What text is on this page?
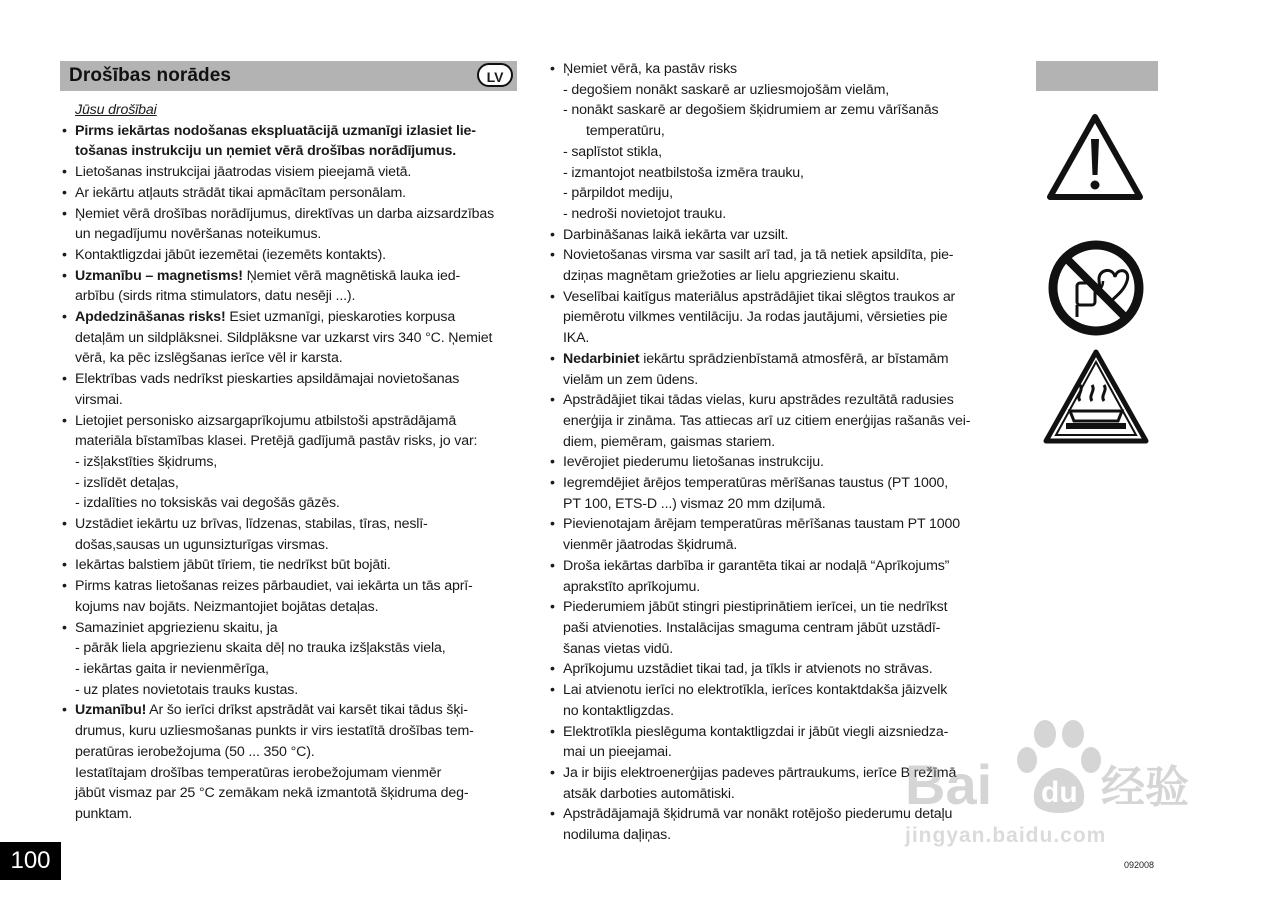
Drošības norādes	LV

Jūsu drošībai

• Pirms iekārtas nodošanas ekspluatācijā uzmanīgi izlasiet lie-
tošanas instrukciju un ņemiet vērā drošības norādījumus.
• Lietošanas instrukcijai jāatrodas visiem pieejamā vietā.
• Ar iekārtu atļauts strādāt tikai apmācītam personālam.
• Ņemiet vērā drošības norādījumus, direktīvas un darba aizsardzības
un negadījumu novēršanas noteikumus.
• Kontaktligzdai jābūt iezemētai (iezemēts kontakts).
• Uzmanību – magnetisms! Ņemiet vērā magnētiskā lauka ied-
arbību (sirds ritma stimulators, datu nesēji ...).
• Apdedzināšanas risks! Esiet uzmanīgi, pieskaroties korpusa
detaļām un sildplāksnei. Sildplāksne var uzkarst virs 340 °C. Ņemiet
vērā, ka pēc izslēgšanas ierīce vēl ir karsta.
• Elektrības vads nedrīkst pieskarties apsildāmajai novietošanas
virsmai.
• Lietojiet personisko aizsargaprīkojumu atbilstoši apstrādājamā
materiāla bīstamības klasei. Pretējā gadījumā pastāv risks, jo var:
- izšļakstīties šķidrums,
- izslīdēt detaļas,
- izdalīties no toksiskās vai degošās gāzēs.
• Uzstādiet iekārtu uz brīvas, līdzenas, stabilas, tīras, neslī-
došas,sausas un ugunsizturīgas virsmas.
• Iekārtas balstiem jābūt tīriem, tie nedrīkst būt bojāti.
• Pirms katras lietošanas reizes pārbaudiet, vai iekārta un tās aprī-
kojums nav bojāts. Neizmantojiet bojātas detaļas.
• Samaziniet apgriezienu skaitu, ja
- pārāk liela apgriezienu skaita dēļ no trauka izšļakstās viela,
- iekārtas gaita ir nevienmērīga,
- uz plates novietotais trauks kustas.
• Uzmanību! Ar šo ierīci drīkst apstrādāt vai karsēt tikai tādus šķi-
drumus, kuru uzliesmošanas punkts ir virs iestatītā drošības tem-
peratūras ierobežojuma (50 ... 350 °C).
Iestatītajam drošības temperatūras ierobežojumam vienmēr
jābūt vismaz par 25 °C zemākam nekā izmantotā šķidruma deg-
punktam.
• Ņemiet vērā, ka pastāv risks
- degošiem nonākt saskarē ar uzliesmojošām vielām,
- nonākt saskarē ar degošiem šķidrumiem ar zemu vārīšanās
temperatūru,
- saplīstot stikla,
- izmantojot neatbilstoša izmēra trauku,
- pārpildot mediju,
- nedroši novietojot trauku.
• Darbināšanas laikā iekārta var uzsilt.
• Novietošanas virsma var sasilt arī tad, ja tā netiek apsildīta, pie-
dziņas magnētam griežoties ar lielu apgriezienu skaitu.
• Veselībai kaitīgus materiālus apstrādājiet tikai slēgtos traukos ar
piemērotu vilkmes ventilāciju. Ja rodas jautājumi, vērsieties pie
IKA.
• Nedarbiniet iekārtu sprādzienbīstamā atmosfērā, ar bīstamām
vielām un zem ūdens.
• Apstrādājiet tikai tādas vielas, kuru apstrādes rezultātā radusies
enerģija ir zināma. Tas attiecas arī uz citiem enerģijas rašanās vei-
diem, piemēram, gaismas stariem.
• Ievērojiet piederumu lietošanas instrukciju.
• Iegremdējiet ārējos temperatūras mērīšanas taustus (PT 1000,
PT 100, ETS-D ...) vismaz 20 mm dziļumā.
• Pievienotajam ārējam temperatūras mērīšanas taustam PT 1000
vienmēr jāatrodas šķidrumā.
• Droša iekārtas darbība ir garantēta tikai ar nodaļā “Aprīkojums”
aprakstīto aprīkojumu.
• Piederumiem jābūt stingri piestiprinātiem ierīcei, un tie nedrīkst
paši atvienoties. Instalācijas smaguma centram jābūt uzstādī-
šanas vietas vidū.
• Aprīkojumu uzstādiet tikai tad, ja tīkls ir atvienots no strāvas.
• Lai atvienotu ierīci no elektrotīkla, ierīces kontaktdakša jāizvelk
no kontaktligzdas.
• Elektrotīkla pieslēguma kontaktligzdai ir jābūt viegli aizsniedza-
mai un pieejamai.
• Ja ir bijis elektroenerģijas padeves pārtraukums, ierīce B režīmā
atsāk darboties automātiski.
• Apstrādājamajā šķidrumā var nonākt rotējošo piederumu detaļu
nodiluma daļiņas.
Bai du 经验
jingyan.baidu.com
100	092008
